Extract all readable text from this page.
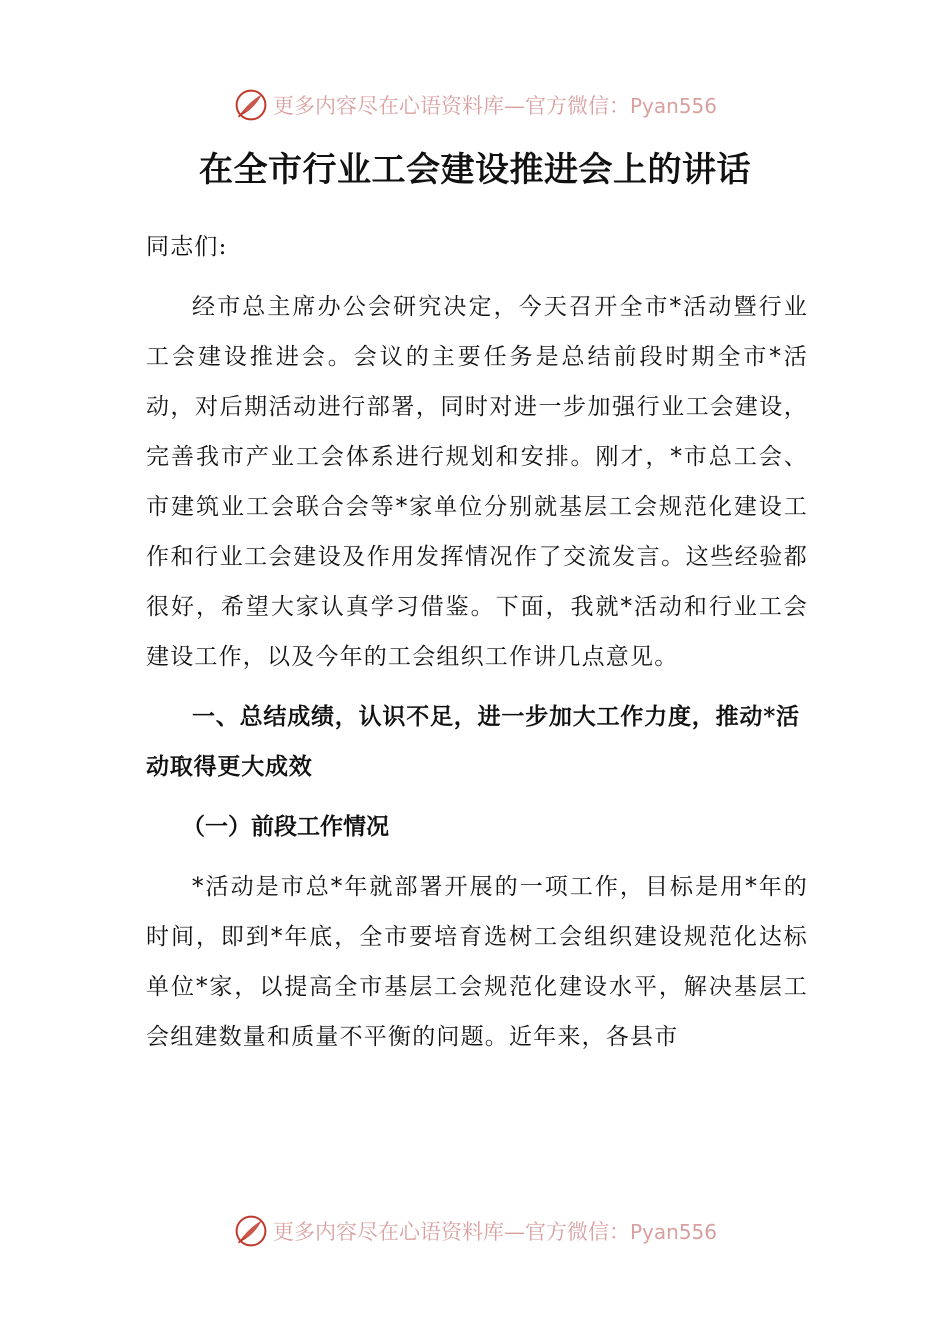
更多内容尽在心语资料库—官方微信：Pyan556
在全市行业工会建设推进会上的讲话

同志们:

经市总主席办公会研究决定，今天召开全市*活动暨行业工会建设推进会。会议的主要任务是总结前段时期全市*活动，对后期活动进行部署，同时对进一步加强行业工会建设，完善我市产业工会体系进行规划和安排。刚才，*市总工会、市建筑业工会联合会等*家单位分别就基层工会规范化建设工作和行业工会建设及作用发挥情况作了交流发言。这些经验都很好，希望大家认真学习借鉴。下面，我就*活动和行业工会建设工作，以及今年的工会组织工作讲几点意见。

一、总结成绩，认识不足，进一步加大工作力度，推动*活动取得更大成效

（一）前段工作情况

*活动是市总*年就部署开展的一项工作，目标是用*年的时间，即到*年底，全市要培育选树工会组织建设规范化达标单位*家，以提高全市基层工会规范化建设水平，解决基层工会组建数量和质量不平衡的问题。近年来，各县市

更多内容尽在心语资料库—官方微信：Pyan556
